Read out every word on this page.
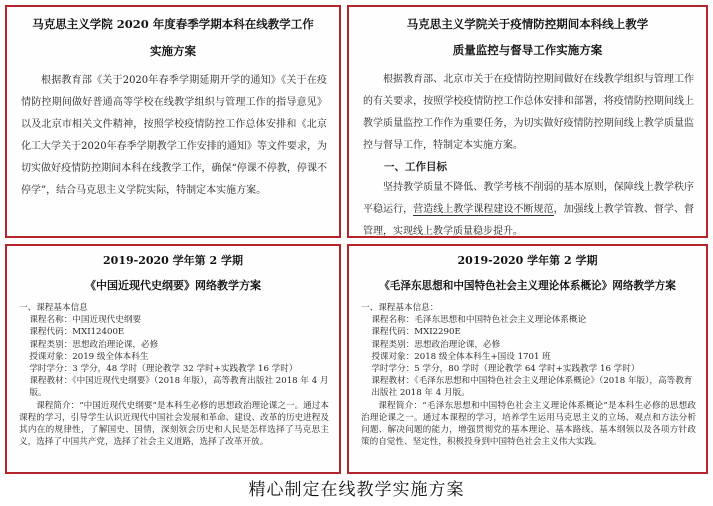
马克思主义学院 2020 年度春季学期本科在线教学工作
实施方案

根据教育部《关于2020年春季学期延期开学的通知》《关于在疫情防控期间做好普通高等学校在线教学组织与管理工作的指导意见》以及北京市相关文件精神，按照学校疫情防控工作总体安排和《北京化工大学关于2020年春季学期教学工作安排的通知》等文件要求，为切实做好疫情防控期间本科在线教学工作，确保“停课不停教，停课不停学”，结合马克思主义学院实际，特制定本实施方案。

马克思主义学院关于疫情防控期间本科线上教学
质量监控与督导工作实施方案

根据教育部、北京市关于在疫情防控期间做好在线教学组织与管理工作的有关要求，按照学校疫情防控工作总体安排和部署，将疫情防控期间线上教学质量监控工作作为重要任务，为切实做好疫情防控期间线上教学质量监控与督导工作，特制定本实施方案。

一、工作目标

坚持教学质量不降低、教学考核不削弱的基本原则，保障线上教学秩序平稳运行，营造线上教学课程建设不断规范，加强线上教学管教、督学、督管理，实现线上教学质量稳步提升。

2019-2020 学年第 2 学期
《中国近现代史纲要》网络教学方案

一、课程基本信息

课程名称：中国近现代史纲要

课程代码：MXI12400E

课程类别：思想政治理论课，必修

授课对象：2019 级全体本科生

学时学分：3 学分，48 学时（理论教学 32 学时+实践教学 16 学时）

课程教材：《中国近现代史纲要》（2018 年版），高等教育出版社 2018 年 4 月版。

课程简介：“中国近现代史纲要”是本科生必修的思想政治理论课之一。通过本课程的学习，引导学生认识近现代中国社会发展和革命、建设、改革的历史进程及其内在的规律性，了解国史、国情，深刻领会历史和人民是怎样选择了马克思主义，选择了中国共产党，选择了社会主义道路，选择了改革开放。

2019-2020 学年第 2 学期
《毛泽东思想和中国特色社会主义理论体系概论》网络教学方案

一、课程基本信息：

课程名称：毛泽东思想和中国特色社会主义理论体系概论

课程代码：MXI2290E

课程类别：思想政治理论课，必修

授课对象：2018 级全体本科生+国设 1701 班

学时学分：5 学分，80 学时（理论教学 64 学时+实践教学 16 学时）

课程教材：《毛泽东思想和中国特色社会主义理论体系概论》（2018 年版），高等教育出版社 2018 年 4 月版。

课程简介：“毛泽东思想和中国特色社会主义理论体系概论”是本科生必修的思想政治理论课之一。通过本课程的学习，培养学生运用马克思主义的立场、观点和方法分析问题、解决问题的能力，增强贯彻党的基本理论、基本路线、基本纲领以及各项方针政策的自觉性、坚定性，积极投身到中国特色社会主义伟大实践。

精心制定在线教学实施方案
